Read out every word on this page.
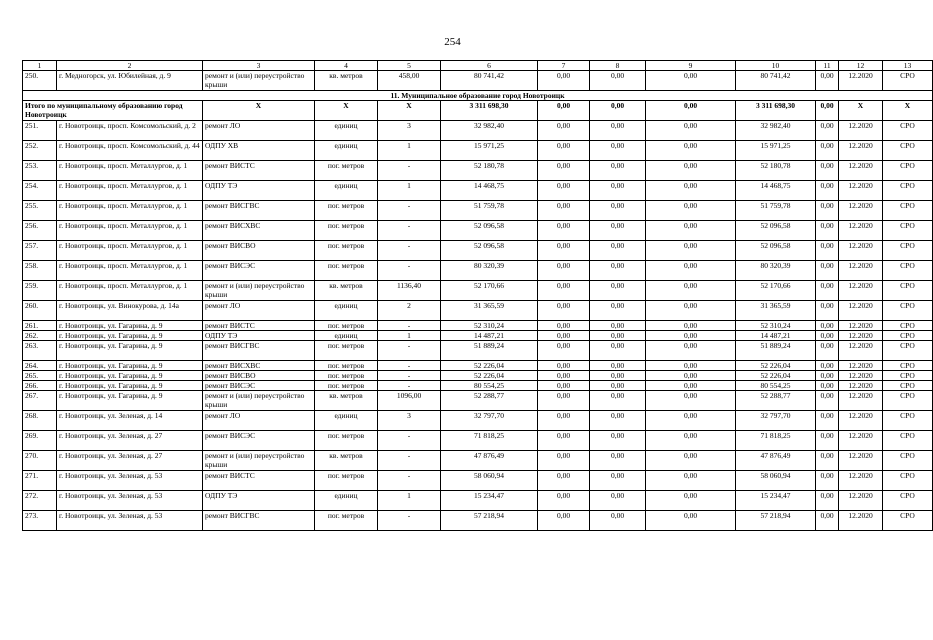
254
1	2	3	4	5	6	7	8	9	10	11	12	13
250.	г. Медногорск, ул. Юбилейная, д. 9	ремонт и (или) переустройство крыши	кв. метров	458,00	80 741,42	0,00	0,00	0,00	80 741,42	0,00	12.2020	СРО
11. Муниципальное образование город Новотроицк												
Итого по муниципальному образованию город Новотроицк		X	X	X	3 311 698,30	0,00	0,00	0,00	3 311 698,30	0,00	X	X
251.	г. Новотроицк, просп. Комсомольский, д. 2	ремонт ЛО	единиц	3	32 982,40	0,00	0,00	0,00	32 982,40	0,00	12.2020	СРО
252.	г. Новотроицк, просп. Комсомольский, д. 44	ОДПУ ХВ	единиц	1	15 971,25	0,00	0,00	0,00	15 971,25	0,00	12.2020	СРО
253.	г. Новотроицк, просп. Металлургов, д. 1	ремонт ВИСТС	пог. метров	-	52 180,78	0,00	0,00	0,00	52 180,78	0,00	12.2020	СРО
254.	г. Новотроицк, просп. Металлургов, д. 1	ОДПУ ТЭ	единиц	1	14 468,75	0,00	0,00	0,00	14 468,75	0,00	12.2020	СРО
255.	г. Новотроицк, просп. Металлургов, д. 1	ремонт ВИСГВС	пог. метров	-	51 759,78	0,00	0,00	0,00	51 759,78	0,00	12.2020	СРО
256.	г. Новотроицк, просп. Металлургов, д. 1	ремонт ВИСХВС	пог. метров	-	52 096,58	0,00	0,00	0,00	52 096,58	0,00	12.2020	СРО
257.	г. Новотроицк, просп. Металлургов, д. 1	ремонт ВИСВО	пог. метров	-	52 096,58	0,00	0,00	0,00	52 096,58	0,00	12.2020	СРО
258.	г. Новотроицк, просп. Металлургов, д. 1	ремонт ВИСЭС	пог. метров	-	80 320,39	0,00	0,00	0,00	80 320,39	0,00	12.2020	СРО
259.	г. Новотроицк, просп. Металлургов, д. 1	ремонт и (или) переустройство крыши	кв. метров	1136,40	52 170,66	0,00	0,00	0,00	52 170,66	0,00	12.2020	СРО
260.	г. Новотроицк, ул. Винокурова, д. 14а	ремонт ЛО	единиц	2	31 365,59	0,00	0,00	0,00	31 365,59	0,00	12.2020	СРО
261.	г. Новотроицк, ул. Гагарина, д. 9	ремонт ВИСТС	пог. метров	-	52 310,24	0,00	0,00	0,00	52 310,24	0,00	12.2020	СРО
262.	г. Новотроицк, ул. Гагарина, д. 9	ОДПУ ТЭ	единиц	1	14 487,21	0,00	0,00	0,00	14 487,21	0,00	12.2020	СРО
263.	г. Новотроицк, ул. Гагарина, д. 9	ремонт ВИСГВС	пог. метров	-	51 889,24	0,00	0,00	0,00	51 889,24	0,00	12.2020	СРО
264.	г. Новотроицк, ул. Гагарина, д. 9	ремонт ВИСХВС	пог. метров	-	52 226,04	0,00	0,00	0,00	52 226,04	0,00	12.2020	СРО
265.	г. Новотроицк, ул. Гагарина, д. 9	ремонт ВИСВО	пог. метров	-	52 226,04	0,00	0,00	0,00	52 226,04	0,00	12.2020	СРО
266.	г. Новотроицк, ул. Гагарина, д. 9	ремонт ВИСЭС	пог. метров	-	80 554,25	0,00	0,00	0,00	80 554,25	0,00	12.2020	СРО
267.	г. Новотроицк, ул. Гагарина, д. 9	ремонт и (или) переустройство крыши	кв. метров	1096,00	52 288,77	0,00	0,00	0,00	52 288,77	0,00	12.2020	СРО
268.	г. Новотроицк, ул. Зеленая, д. 14	ремонт ЛО	единиц	3	32 797,70	0,00	0,00	0,00	32 797,70	0,00	12.2020	СРО
269.	г. Новотроицк, ул. Зеленая, д. 27	ремонт ВИСЭС	пог. метров	-	71 818,25	0,00	0,00	0,00	71 818,25	0,00	12.2020	СРО
270.	г. Новотроицк, ул. Зеленая, д. 27	ремонт и (или) переустройство крыши	кв. метров	-	47 876,49	0,00	0,00	0,00	47 876,49	0,00	12.2020	СРО
271.	г. Новотроицк, ул. Зеленая, д. 53	ремонт ВИСТС	пог. метров	-	58 060,94	0,00	0,00	0,00	58 060,94	0,00	12.2020	СРО
272.	г. Новотроицк, ул. Зеленая, д. 53	ОДПУ ТЭ	единиц	1	15 234,47	0,00	0,00	0,00	15 234,47	0,00	12.2020	СРО
273.	г. Новотроицк, ул. Зеленая, д. 53	ремонт ВИСГВС	пог. метров	-	57 218,94	0,00	0,00	0,00	57 218,94	0,00	12.2020	СРО
